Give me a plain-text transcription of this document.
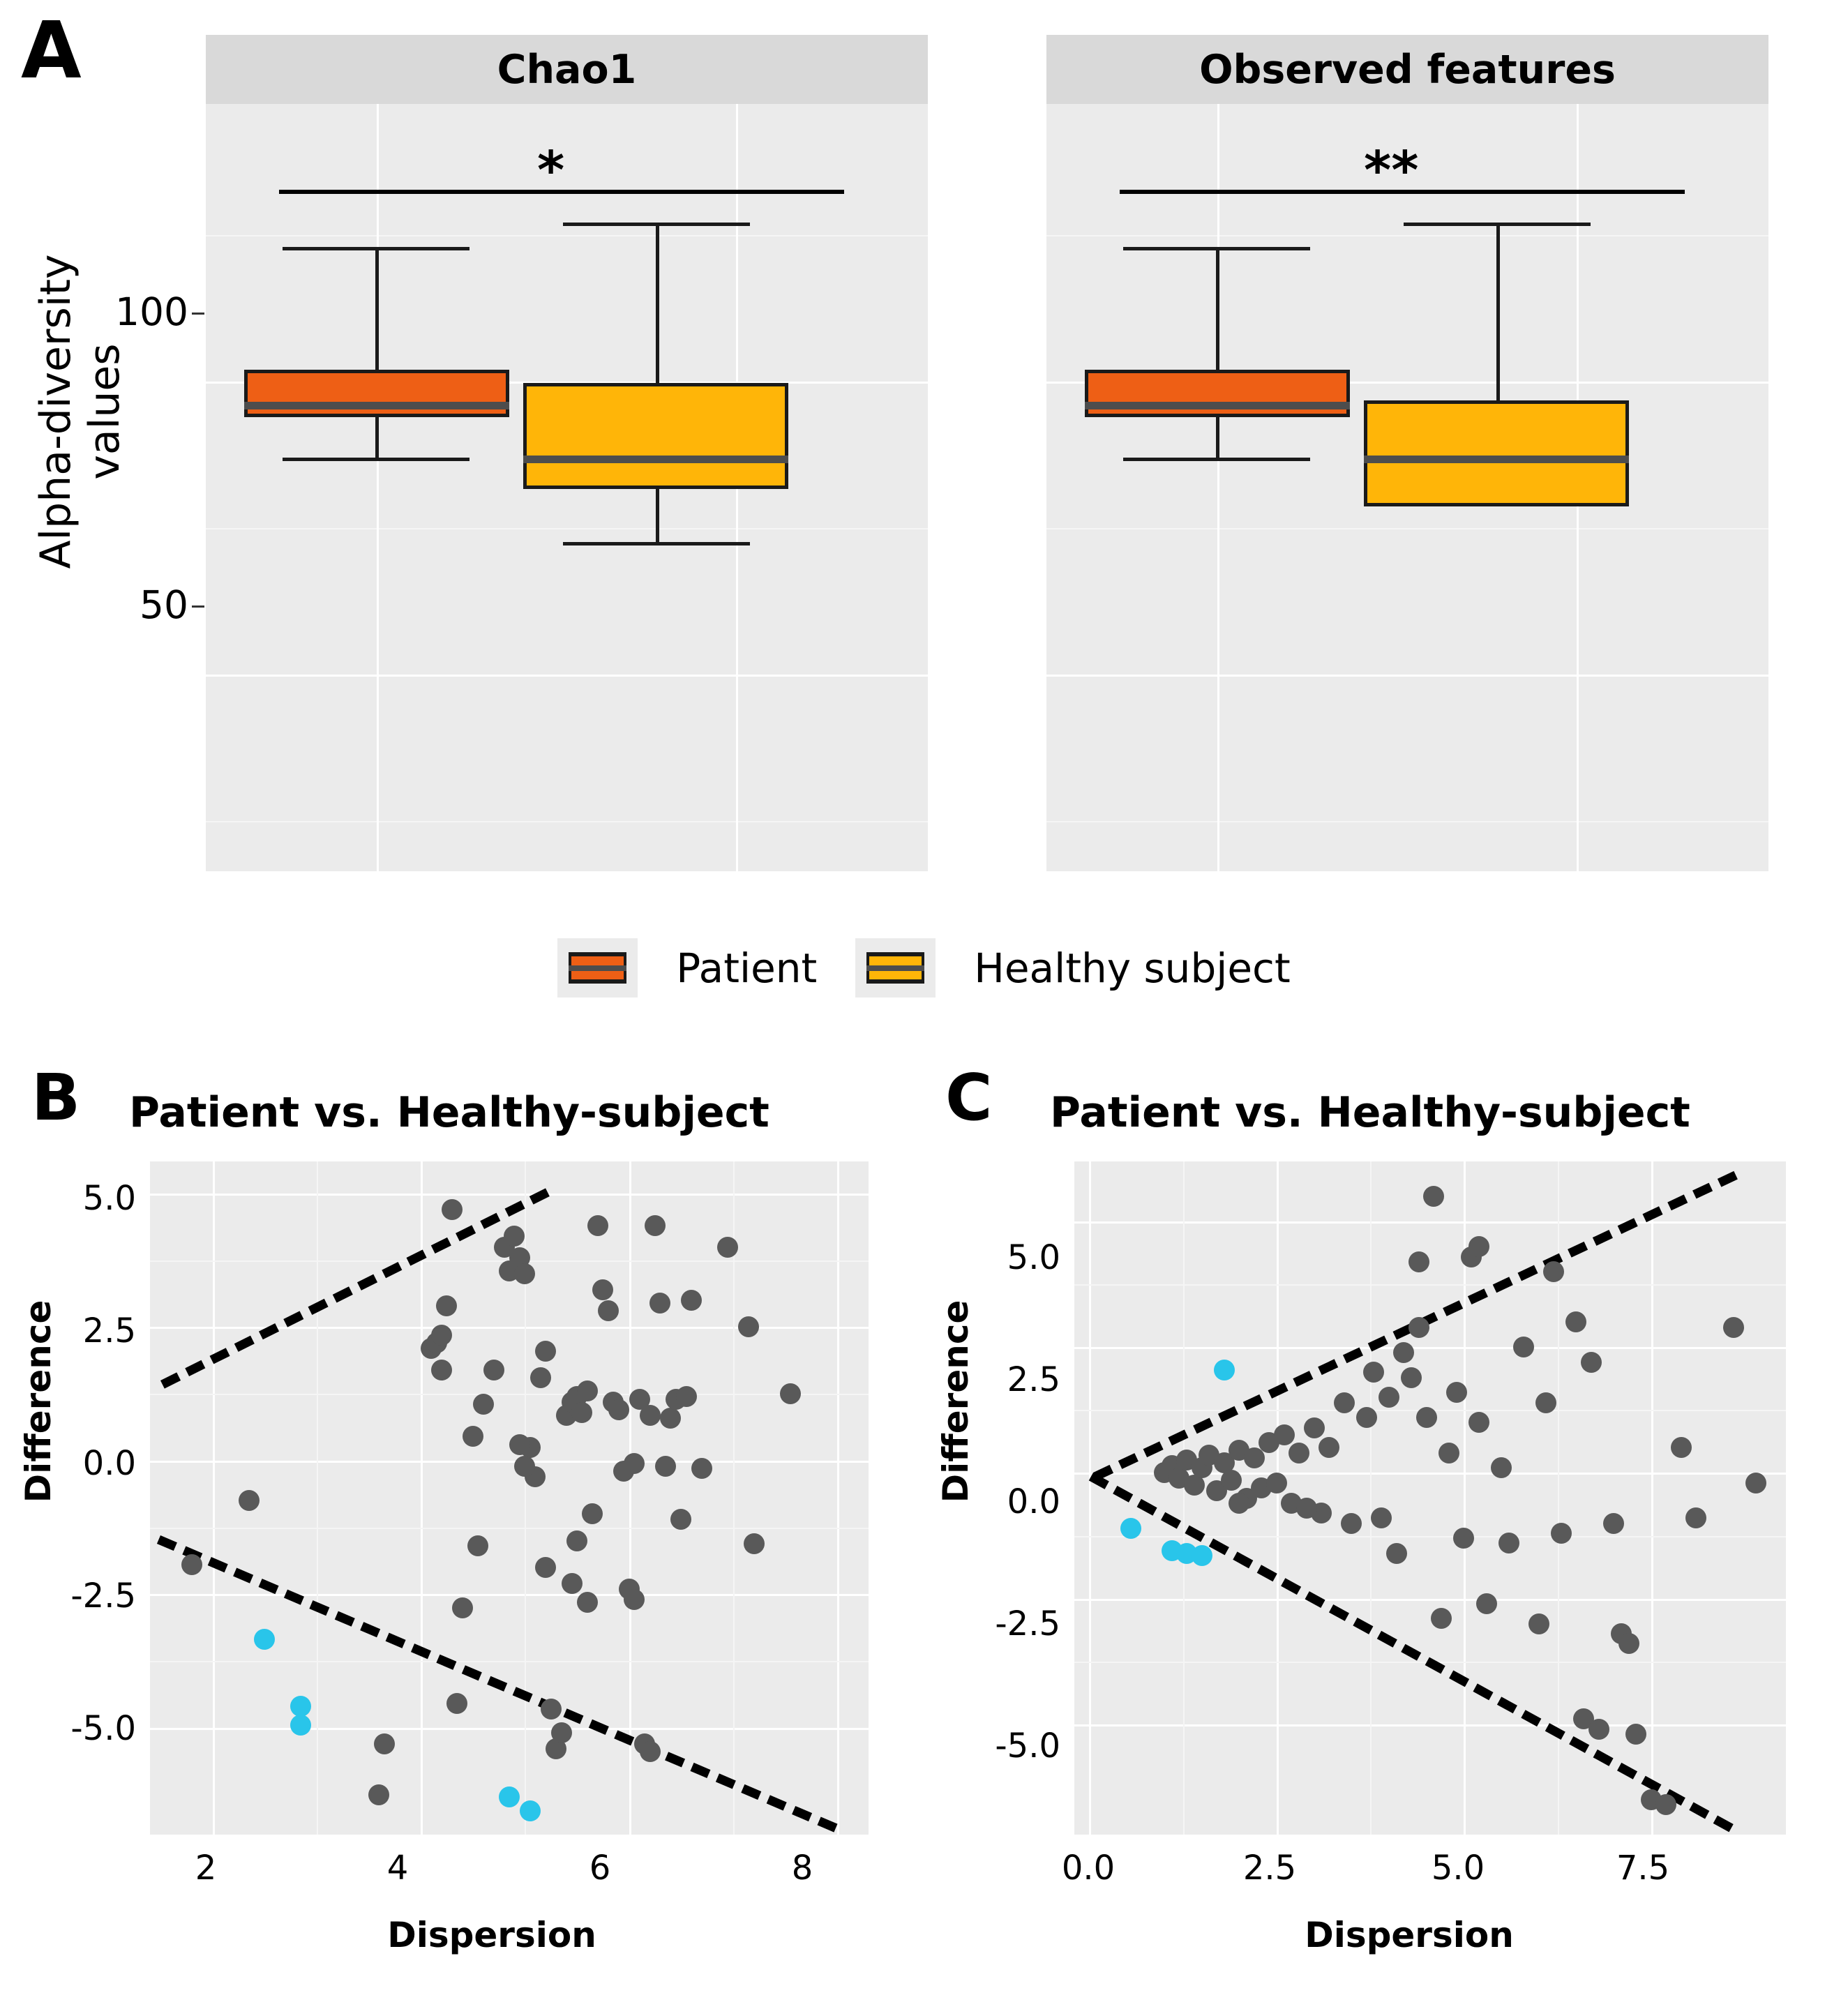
A
Alpha-diversity values
100
50
Chao1
*
Observed features
**
Patient	Healthy subject
B Patient vs. Healthy-subject
Difference
Dispersion
5.0
2.5
0.0
-2.5
-5.0
2	4	6	8
C Patient vs. Healthy-subject
Difference
Dispersion
5.0
2.5
0.0
-2.5
-5.0
0.0	2.5	5.0	7.5
